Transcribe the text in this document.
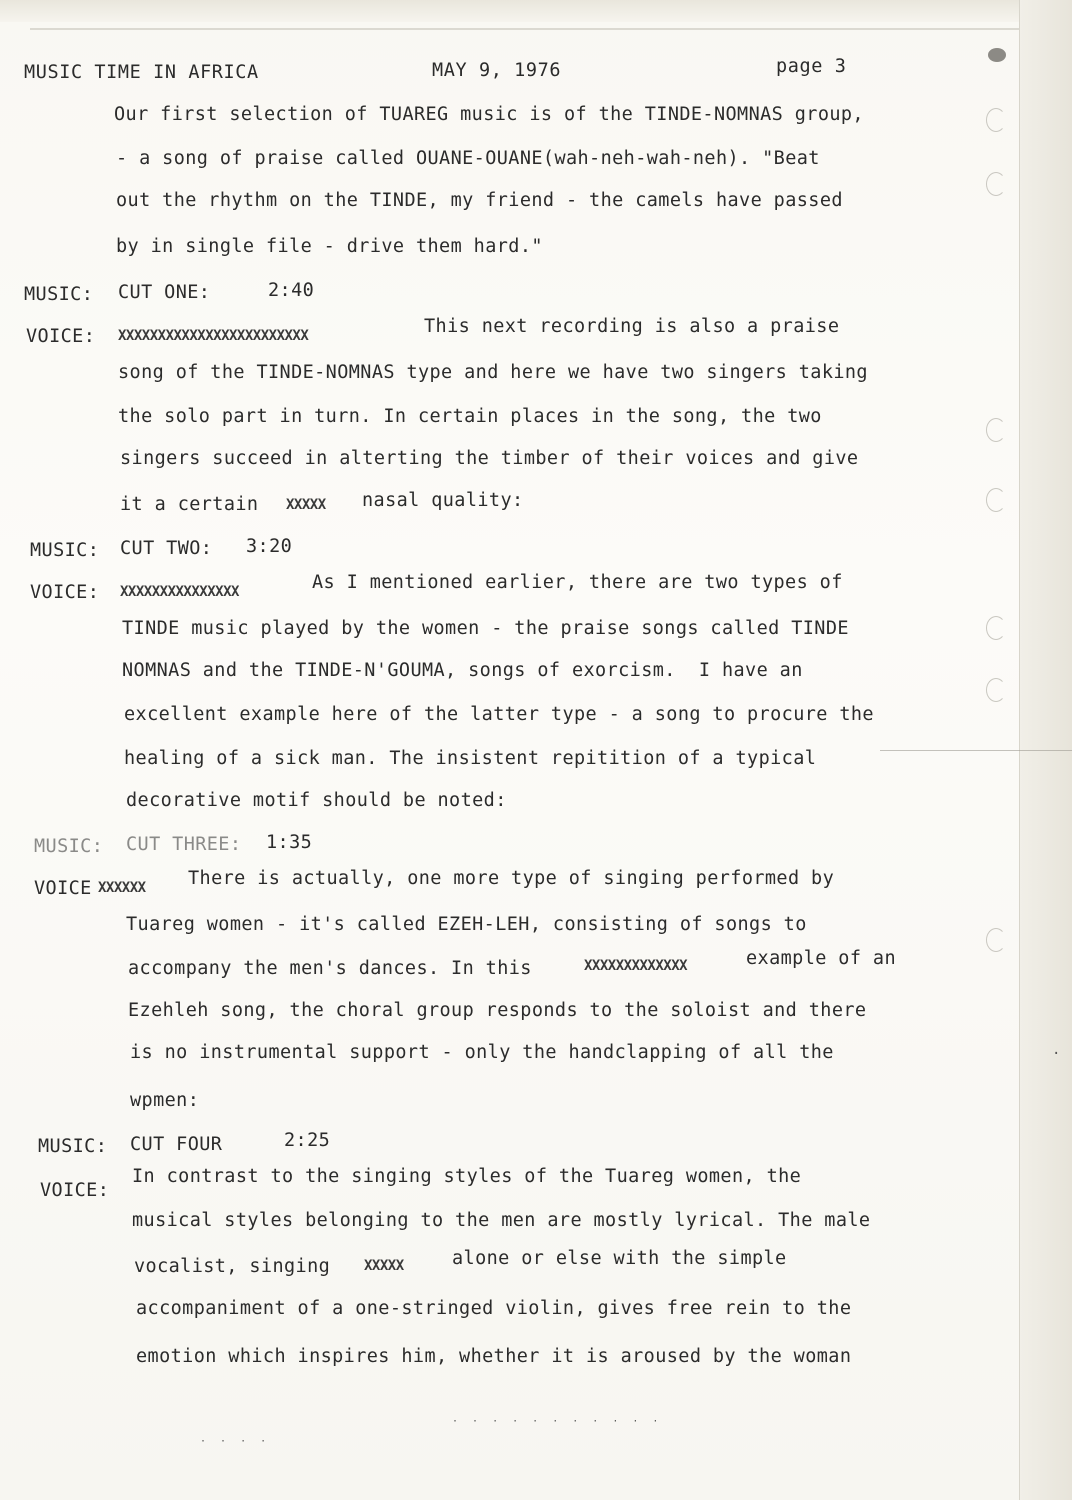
MUSIC TIME IN AFRICA	MAY 9, 1976	page 3
Our first selection of TUAREG music is of the TINDE-NOMNAS group,
- a song of praise called OUANE-OUANE(wah-neh-wah-neh). "Beat
out the rhythm on the TINDE, my friend - the camels have passed
by in single file - drive them hard."
MUSIC: CUT ONE:	2:40
VOICE: XXXXXXXXXXXXXXXXXXXXXXXX	This next recording is also a praise
song of the TINDE-NOMNAS type and here we have two singers taking
the solo part in turn. In certain places in the song, the two
singers succeed in alterting the timber of their voices and give
it a certain XXXXX nasal quality:
MUSIC: CUT TWO: 3:20
VOICE: XXXXXXXXXXXXXXX	As I mentioned earlier, there are two types of
TINDE music played by the women - the praise songs called TINDE
NOMNAS and the TINDE-N'GOUMA, songs of exorcism.  I have an
excellent example here of the latter type - a song to procure the
healing of a sick man. The insistent repitition of a typical
decorative motif should be noted:
MUSIC: CUT THREE: 1:35
VOICE XXXXXX There is actually, one more type of singing performed by
Tuareg women - it's called EZEH-LEH, consisting of songs to
accompany the men's dances. In this	XXXXXXXXXXXXX	example of an
Ezehleh song, the choral group responds to the soloist and there
is no instrumental support - only the handclapping of all the
wpmen:
MUSIC: CUT FOUR	2:25
VOICE:
In contrast to the singing styles of the Tuareg women, the
musical styles belonging to the men are mostly lyrical. The male
vocalist, singing XXXXX	alone or else with the simple
accompaniment of a one-stringed violin, gives free rein to the
emotion which inspires him, whether it is aroused by the woman
· · · · · · · · · · ·
· · · ·
·
